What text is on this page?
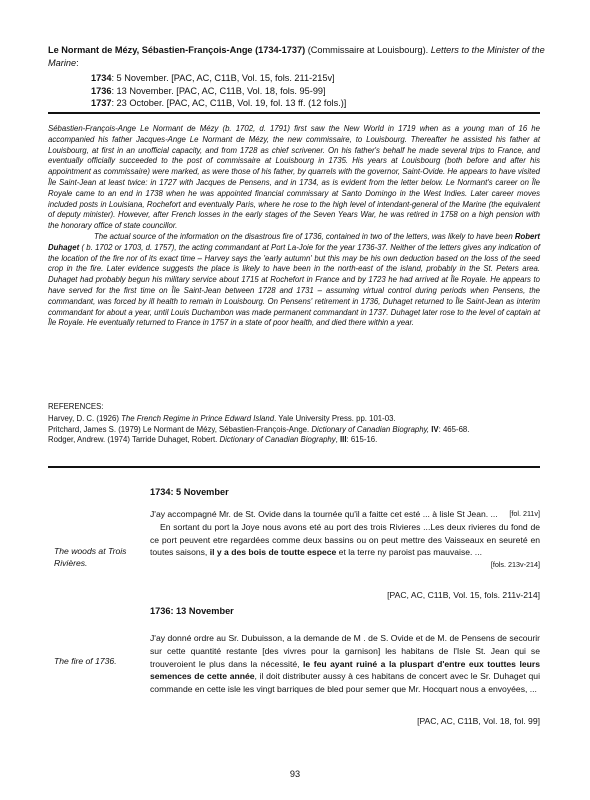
Le Normant de Mézy, Sébastien-François-Ange (1734-1737) (Commissaire at Louisbourg). Letters to the Minister of the Marine:
1734: 5 November. [PAC, AC, C11B, Vol. 15, fols. 211-215v]
1736: 13 November. [PAC, AC, C11B, Vol. 18, fols. 95-99]
1737: 23 October. [PAC, AC, C11B, Vol. 19, fol. 13 ff. (12 fols.)]

Sébastien-François-Ange Le Normant de Mézy (b. 1702, d. 1791) first saw the New World in 1719 when as a young man of 16 he accompanied his father Jacques-Ange Le Normant de Mézy, the new commissaire, to Louisbourg. Thereafter he assisted his father at Louisbourg, at first in an unofficial capacity, and from 1728 as chief scrivener. On his father's behalf he made several trips to France, and eventually officially succeeded to the post of commissaire at Louisbourg in 1735. His years at Louisbourg (both before and after his appointment as commissaire) were marked, as were those of his father, by quarrels with the governor, Saint-Ovide. He appears to have visited Île Saint-Jean at least twice: in 1727 with Jacques de Pensens, and in 1734, as is evident from the letter below. Le Normant's career on Île Royale came to an end in 1738 when he was appointed financial commissary at Santo Domingo in the West Indies. Later career moves included posts in Louisiana, Rochefort and eventually Paris, where he rose to the high level of intendant-general of the Marine (the equivalent of deputy minister). However, after French losses in the early stages of the Seven Years War, he was retired in 1758 on a high pension with the honorary office of state councillor.

The actual source of the information on the disastrous fire of 1736, contained in two of the letters, was likely to have been Robert Duhaget ( b. 1702 or 1703, d. 1757), the acting commandant at Port La-Joie for the year 1736-37. Neither of the letters gives any indication of the location of the fire nor of its exact time – Harvey says the 'early autumn' but this may be his own deduction based on the loss of the seed crop in the fire. Later evidence suggests the place is likely to have been in the north-east of the island, probably in the St. Peters area. Duhaget had probably begun his military service about 1715 at Rochefort in France and by 1723 he had arrived at Île Royale. He appears to have served for the first time on Île Saint-Jean between 1728 and 1731 – assuming virtual control during periods when Pensens, the commandant, was forced by ill health to remain in Louisbourg. On Pensens' retirement in 1736, Duhaget returned to Île Saint-Jean as interim commandant for about a year, until Louis Duchambon was made permanent commandant in 1737. Duhaget later rose to the level of captain at Île Royale. He eventually returned to France in 1757 in a state of poor health, and died there within a year.

REFERENCES:
Harvey, D. C. (1926) The French Regime in Prince Edward Island. Yale University Press. pp. 101-03.
Pritchard, James S. (1979) Le Normant de Mézy, Sébastien-François-Ange. Dictionary of Canadian Biography, IV: 465-68.
Rodger, Andrew. (1974) Tarride Duhaget, Robert. Dictionary of Canadian Biography, III: 615-16.
1734: 5 November
The woods at Trois Rivières.

J'ay accompagné Mr. de St. Ovide dans la tournée qu'il a faitte cet esté ... à lisle St Jean. ... [fol. 211v]

En sortant du port la Joye nous avons eté au port des trois Rivieres ...Les deux rivieres du fond de ce port peuvent etre regardées comme deux bassins ou on peut mettre des Vaisseaux en seureté en toutes saisons, il y a des bois de toutte espece et la terre ny paroist pas mauvaise. ...
[fols. 213v-214]

[PAC, AC, C11B, Vol. 15, fols. 211v-214]
1736: 13 November
The fire of 1736.

J'ay donné ordre au Sr. Dubuisson, a la demande de M . de S. Ovide et de M. de Pensens de secourir sur cette quantité restante [des vivres pour la garnison] les habitans de l'Isle St. Jean qui se trouveroient le plus dans la nécessité, le feu ayant ruiné a la pluspart d'entre eux touttes leurs semences de cette année, il doit distributer aussy à ces habitans de concert avec le Sr. Duhaget qui commande en cette isle les vingt barriques de bled pour semer que Mr. Hocquart nous a envoyées, ...

[PAC, AC, C11B, Vol. 18, fol. 99]
93
